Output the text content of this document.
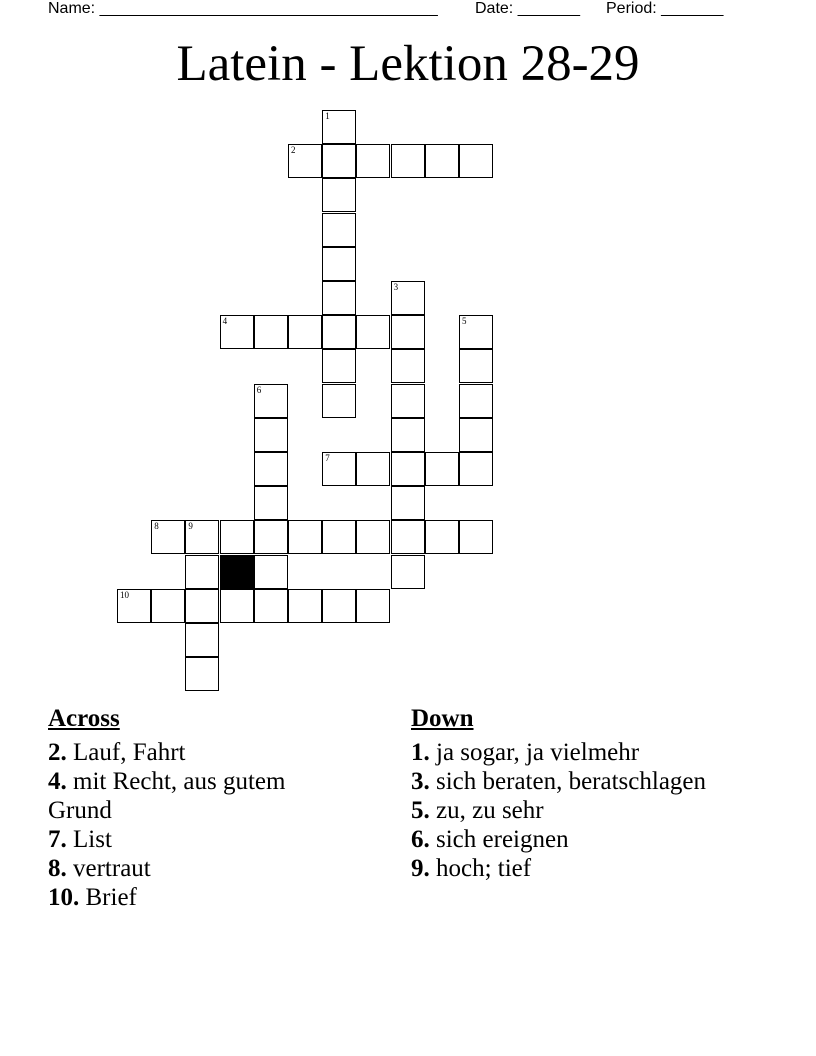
Name: ______________________________________ Date: _______ Period: _______
Latein - Lektion 28-29
1
2
3
4	5
6
7
8	9
10
Across
2. Lauf, Fahrt
4. mit Recht, aus gutem Grund
7. List
8. vertraut
10. Brief
Down
1. ja sogar, ja vielmehr
3. sich beraten, beratschlagen
5. zu, zu sehr
6. sich ereignen
9. hoch; tief
